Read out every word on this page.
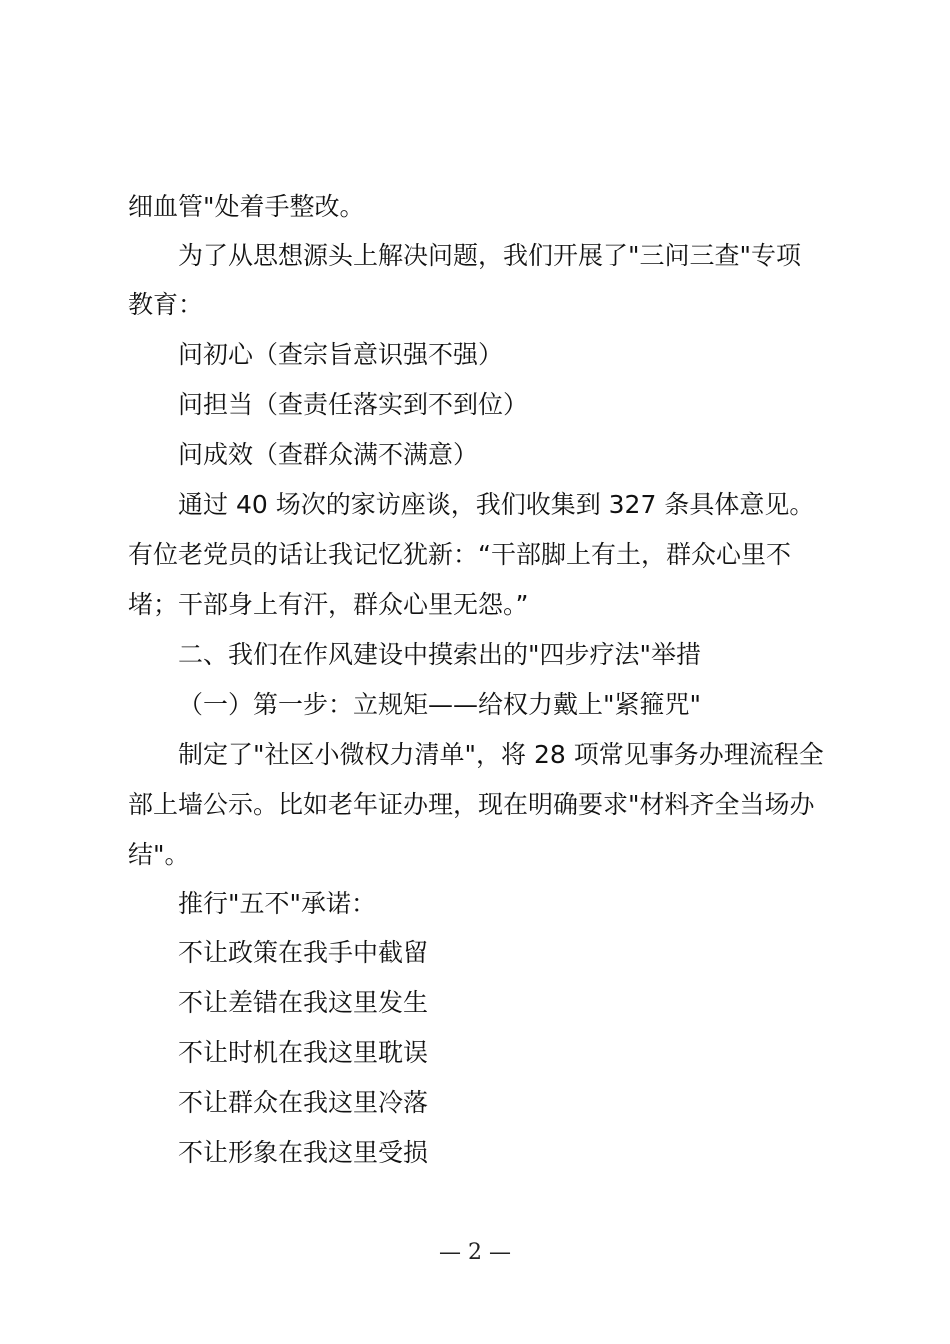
细血管"处着手整改。
为了从思想源头上解决问题，我们开展了"三问三查"专项
教育：
问初心（查宗旨意识强不强）
问担当（查责任落实到不到位）
问成效（查群众满不满意）
通过 40 场次的家访座谈，我们收集到 327 条具体意见。
有位老党员的话让我记忆犹新：“干部脚上有土，群众心里不
堵；干部身上有汗，群众心里无怨。”
二、我们在作风建设中摸索出的"四步疗法"举措
（一）第一步：立规矩——给权力戴上"紧箍咒"
制定了"社区小微权力清单"，将 28 项常见事务办理流程全
部上墙公示。比如老年证办理，现在明确要求"材料齐全当场办
结"。
推行"五不"承诺：
不让政策在我手中截留
不让差错在我这里发生
不让时机在我这里耽误
不让群众在我这里冷落
不让形象在我这里受损
— 2 —
